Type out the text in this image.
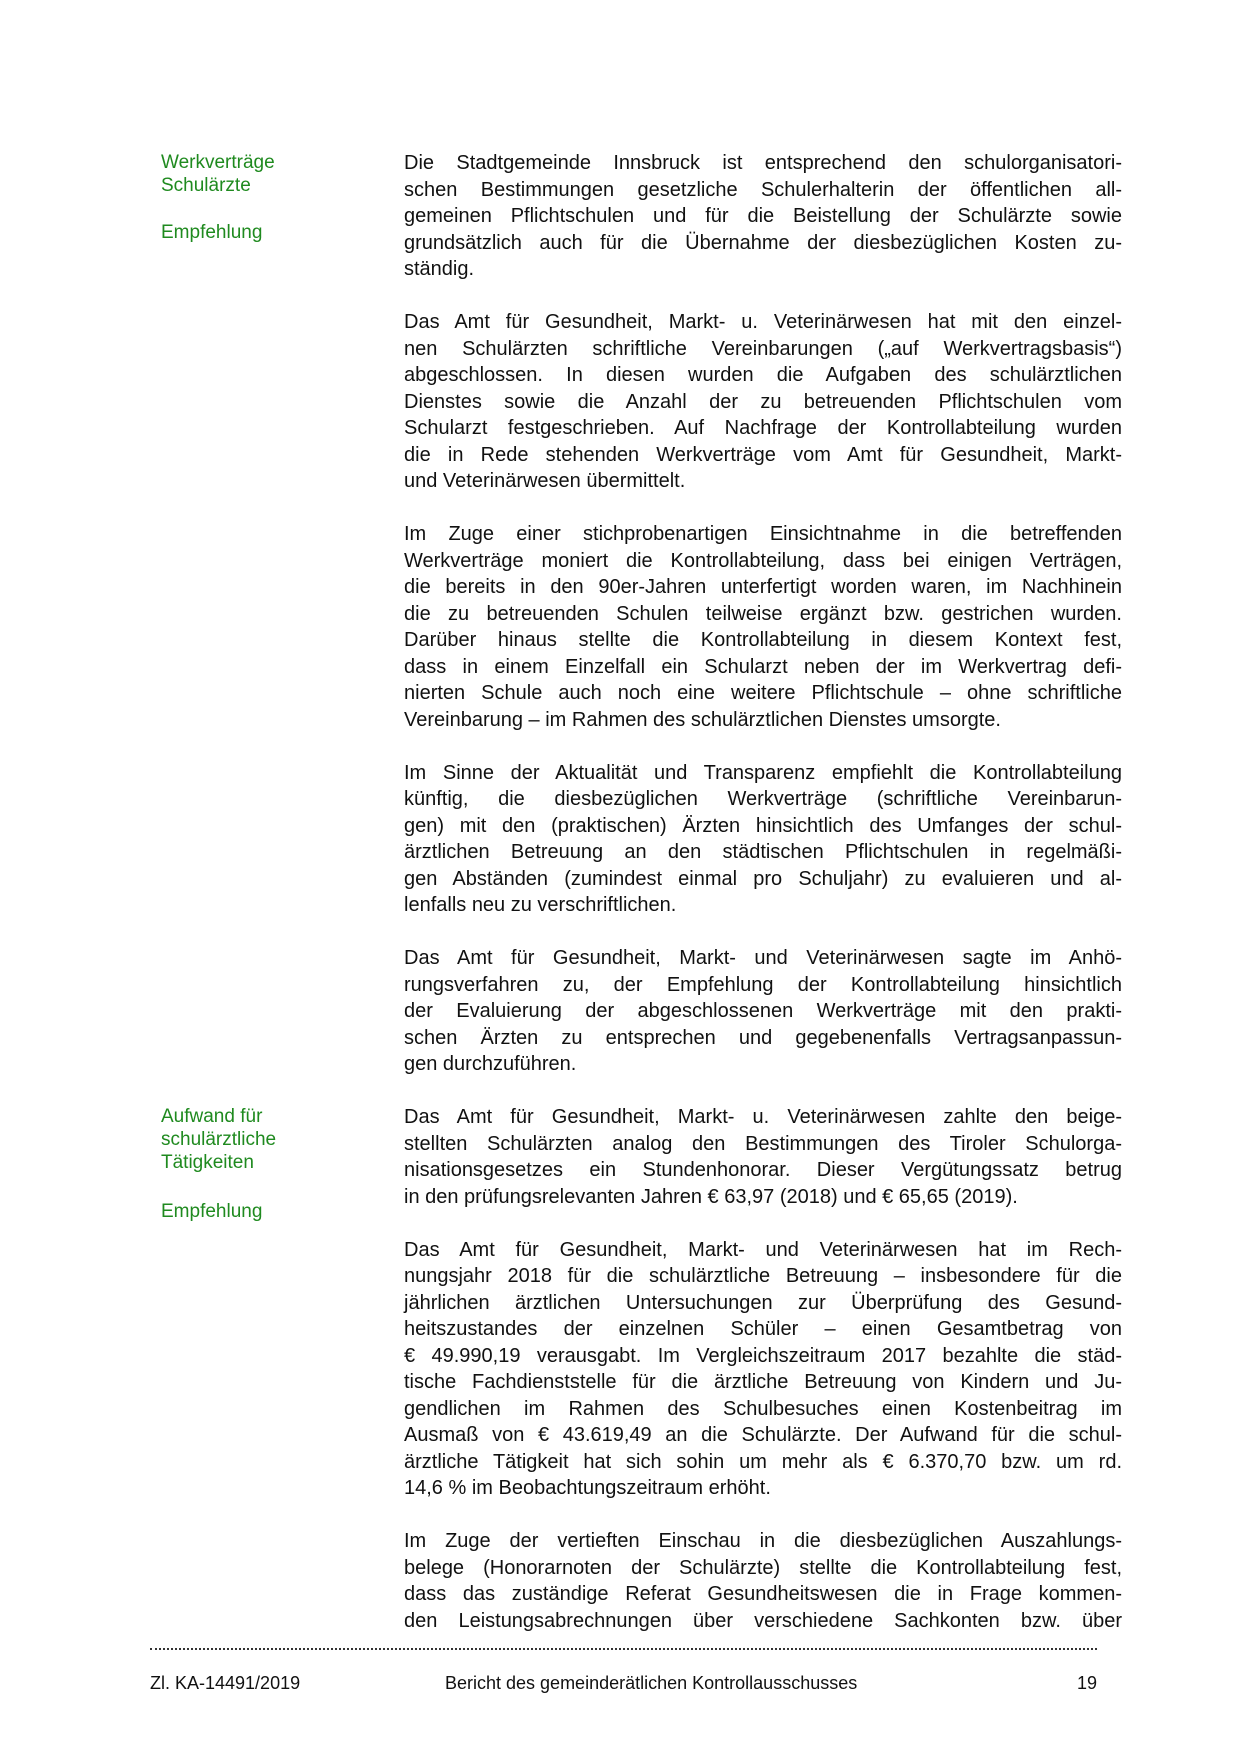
Werkverträge
Schulärzte
Empfehlung
Aufwand für
schulärztliche
Tätigkeiten
Empfehlung
Die Stadtgemeinde Innsbruck ist entsprechend den schulorganisatori-
schen Bestimmungen gesetzliche Schulerhalterin der öffentlichen all-
gemeinen Pflichtschulen und für die Beistellung der Schulärzte sowie
grundsätzlich auch für die Übernahme der diesbezüglichen Kosten zu-
ständig.
Das Amt für Gesundheit, Markt- u. Veterinärwesen hat mit den einzel-
nen Schulärzten schriftliche Vereinbarungen („auf Werkvertragsbasis“)
abgeschlossen. In diesen wurden die Aufgaben des schulärztlichen
Dienstes sowie die Anzahl der zu betreuenden Pflichtschulen vom
Schularzt festgeschrieben. Auf Nachfrage der Kontrollabteilung wurden
die in Rede stehenden Werkverträge vom Amt für Gesundheit, Markt-
und Veterinärwesen übermittelt.
Im Zuge einer stichprobenartigen Einsichtnahme in die betreffenden
Werkverträge moniert die Kontrollabteilung, dass bei einigen Verträgen,
die bereits in den 90er-Jahren unterfertigt worden waren, im Nachhinein
die zu betreuenden Schulen teilweise ergänzt bzw. gestrichen wurden.
Darüber hinaus stellte die Kontrollabteilung in diesem Kontext fest,
dass in einem Einzelfall ein Schularzt neben der im Werkvertrag defi-
nierten Schule auch noch eine weitere Pflichtschule – ohne schriftliche
Vereinbarung – im Rahmen des schulärztlichen Dienstes umsorgte.
Im Sinne der Aktualität und Transparenz empfiehlt die Kontrollabteilung
künftig, die diesbezüglichen Werkverträge (schriftliche Vereinbarun-
gen) mit den (praktischen) Ärzten hinsichtlich des Umfanges der schul-
ärztlichen Betreuung an den städtischen Pflichtschulen in regelmäßi-
gen Abständen (zumindest einmal pro Schuljahr) zu evaluieren und al-
lenfalls neu zu verschriftlichen.
Das Amt für Gesundheit, Markt- und Veterinärwesen sagte im Anhö-
rungsverfahren zu, der Empfehlung der Kontrollabteilung hinsichtlich
der Evaluierung der abgeschlossenen Werkverträge mit den prakti-
schen Ärzten zu entsprechen und gegebenenfalls Vertragsanpassun-
gen durchzuführen.
Das Amt für Gesundheit, Markt- u. Veterinärwesen zahlte den beige-
stellten Schulärzten analog den Bestimmungen des Tiroler Schulorga-
nisationsgesetzes ein Stundenhonorar. Dieser Vergütungssatz betrug
in den prüfungsrelevanten Jahren € 63,97 (2018) und € 65,65 (2019).
Das Amt für Gesundheit, Markt- und Veterinärwesen hat im Rech-
nungsjahr 2018 für die schulärztliche Betreuung – insbesondere für die
jährlichen ärztlichen Untersuchungen zur Überprüfung des Gesund-
heitszustandes der einzelnen Schüler – einen Gesamtbetrag von
€ 49.990,19 verausgabt. Im Vergleichszeitraum 2017 bezahlte die städ-
tische Fachdienststelle für die ärztliche Betreuung von Kindern und Ju-
gendlichen im Rahmen des Schulbesuches einen Kostenbeitrag im
Ausmaß von € 43.619,49 an die Schulärzte. Der Aufwand für die schul-
ärztliche Tätigkeit hat sich sohin um mehr als € 6.370,70 bzw. um rd.
14,6 % im Beobachtungszeitraum erhöht.
Im Zuge der vertieften Einschau in die diesbezüglichen Auszahlungs-
belege (Honorarnoten der Schulärzte) stellte die Kontrollabteilung fest,
dass das zuständige Referat Gesundheitswesen die in Frage kommen-
den Leistungsabrechnungen über verschiedene Sachkonten bzw. über
Zl. KA-14491/2019	Bericht des gemeinderätlichen Kontrollausschusses	19
